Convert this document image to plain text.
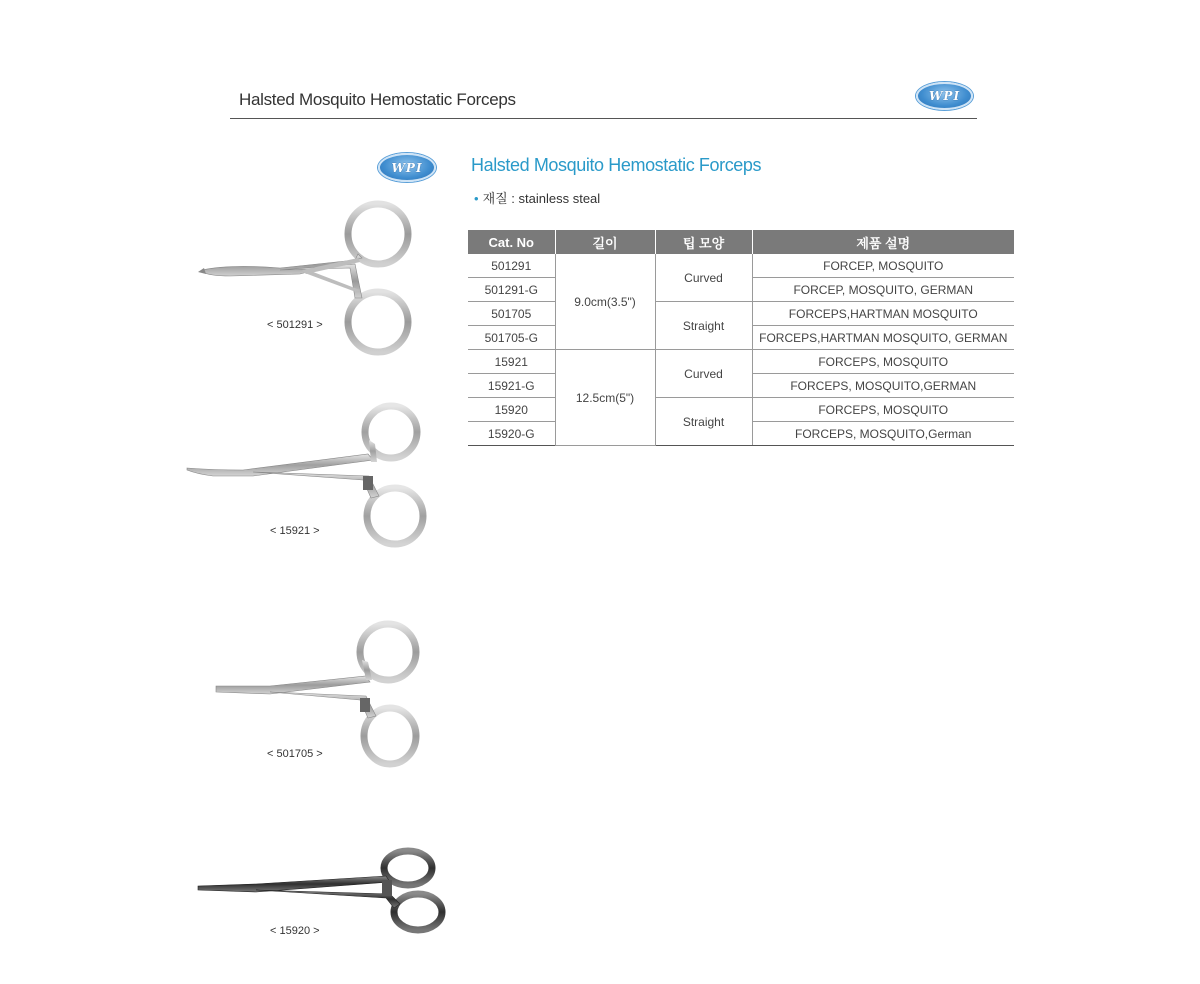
Halsted Mosquito Hemostatic Forceps	WPI
WPI	Halsted Mosquito Hemostatic Forceps
• 재질 : stainless steal
Cat. No	길이	팁 모양	제품 설명
501291	9.0cm(3.5")	Curved	FORCEP, MOSQUITO
501291-G			FORCEP, MOSQUITO, GERMAN
501705		Straight	FORCEPS,HARTMAN MOSQUITO
501705-G			FORCEPS,HARTMAN MOSQUITO, GERMAN
15921	12.5cm(5")	Curved	FORCEPS, MOSQUITO
15921-G			FORCEPS, MOSQUITO,GERMAN
15920		Straight	FORCEPS, MOSQUITO
15920-G			FORCEPS, MOSQUITO,German
< 501291 >
< 15921 >
< 501705 >
< 15920 >
